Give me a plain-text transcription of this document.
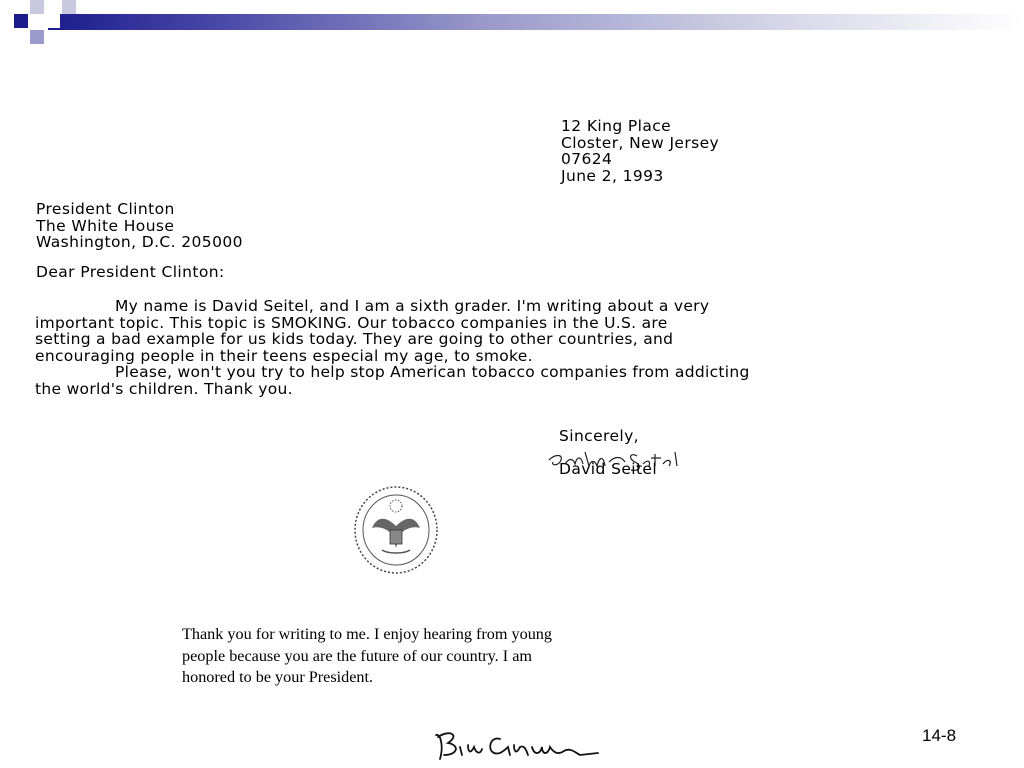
12 King Place
Closter, New Jersey
07624
June 2, 1993
President Clinton
The White House
Washington, D.C. 205000
Dear President Clinton:
My name is David Seitel, and I am a sixth grader. I'm writing about a very
important topic. This topic is SMOKING. Our tobacco companies in the U.S. are
setting a bad example for us kids today. They are going to other countries, and
encouraging people in their teens especial my age, to smoke.
Please, won't you try to help stop American tobacco companies from addicting
the world's children. Thank you.
Sincerely,
David Seitel
Thank you for writing to me. I enjoy hearing from young
people because you are the future of our country. I am
honored to be your President.
14-8
